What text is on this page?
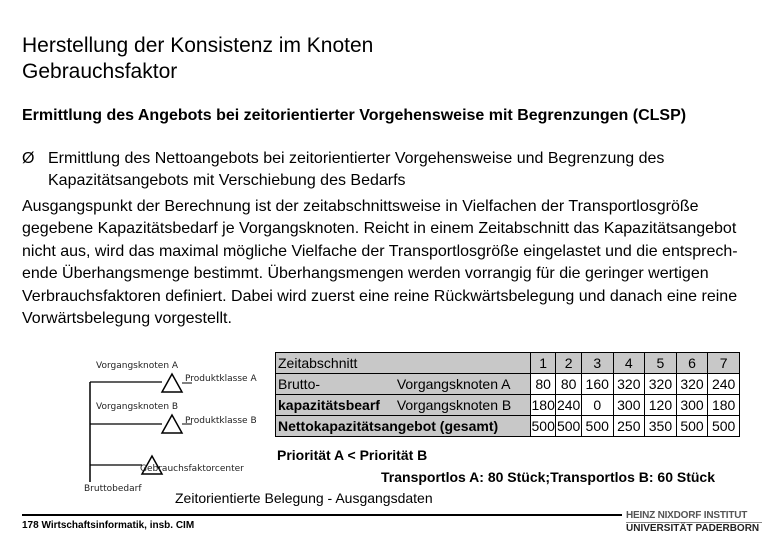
Herstellung der Konsistenz im Knoten
Gebrauchsfaktor
Ermittlung des Angebots bei zeitorientierter Vorgehensweise mit Begrenzungen (CLSP)
Ø Ermittlung des Nettoangebots bei zeitorientierter Vorgehensweise und Begrenzung des Kapazitätsangebots mit Verschiebung des Bedarfs
Ausgangspunkt der Berechnung ist der zeitabschnittsweise in Vielfachen der Transportlosgröße gegebene Kapazitätsbedarf je Vorgangsknoten. Reicht in einem Zeitabschnitt das Kapazitätsangebot nicht aus, wird das maximal mögliche Vielfache der Transportlosgröße eingelastet und die entsprech-ende Überhangsmenge bestimmt. Überhangsmengen werden vorrangig für die geringer wertigen Verbrauchsfaktoren definiert. Dabei wird zuerst eine reine Rückwärtsbelegung und danach eine reine Vorwärtsbelegung vorgestellt.
Vorgangsknoten A
Produktklasse A
Vorgangsknoten B
Produktklasse B
Gebrauchsfaktorcenter
Bruttobedarf
Zeitabschnitt		1	2	3	4	5	6	7
Brutto-	Vorgangsknoten A	80	80	160	320	320	320	240
kapazitätsbearf	Vorgangsknoten B	180	240	0	300	120	300	180
Nettokapazitätsangebot (gesamt)		500	500	500	250	350	500	500
Priorität A < Priorität B
Transportlos A: 80 Stück;Transportlos B: 60 Stück
Zeitorientierte Belegung - Ausgangsdaten
178 Wirtschaftsinformatik, insb. CIM
HEINZ NIXDORF INSTITUT
UNIVERSITÄT PADERBORN
